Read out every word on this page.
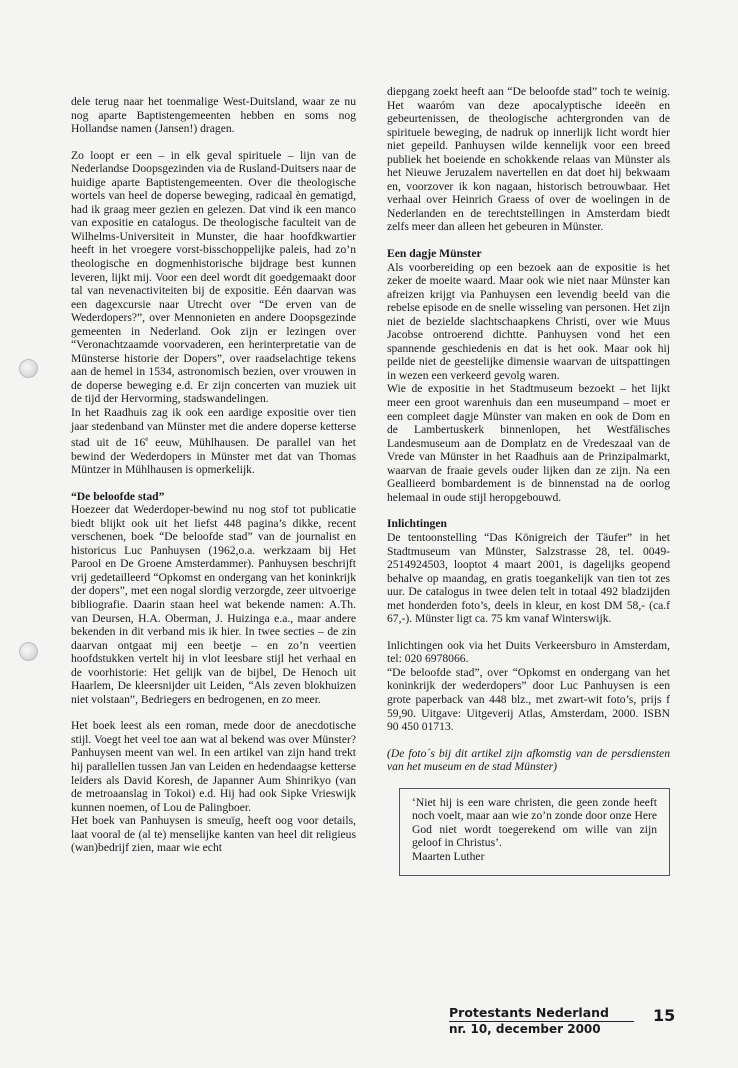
dele terug naar het toenmalige West-Duitsland, waar ze nu nog aparte Baptistengemeenten hebben en soms nog Hollandse namen (Jansen!) dragen.

Zo loopt er een – in elk geval spirituele – lijn van de Nederlandse Doopsgezinden via de Rusland-Duitsers naar de huidige aparte Baptistengemeenten. Over die theologische wortels van heel de doperse beweging, radicaal èn gematigd, had ik graag meer gezien en gelezen. Dat vind ik een manco van expositie en catalogus. De theologische faculteit van de Wilhelms-Universiteit in Munster, die haar hoofdkwartier heeft in het vroegere vorst-bisschoppelijke paleis, had zo’n theologische en dogmenhistorische bijdrage best kunnen leveren, lijkt mij. Voor een deel wordt dit goedgemaakt door tal van nevenactiviteiten bij de expositie. Eén daarvan was een dagexcursie naar Utrecht over “De erven van de Wederdopers?”, over Mennonieten en andere Doopsgezinde gemeenten in Nederland. Ook zijn er lezingen over “Veronachtzaamde voorvaderen, een herinterpretatie van de Münsterse historie der Dopers”, over raadselachtige tekens aan de hemel in 1534, astronomisch bezien, over vrouwen in de doperse beweging e.d. Er zijn concerten van muziek uit de tijd der Hervorming, stadswandelingen.

In het Raadhuis zag ik ook een aardige expositie over tien jaar stedenband van Münster met die andere doperse ketterse stad uit de 16e eeuw, Mühlhausen. De parallel van het bewind der Wederdopers in Münster met dat van Thomas Müntzer in Mühlhausen is opmerkelijk.

“De beloofde stad”

Hoezeer dat Wederdoper-bewind nu nog stof tot publicatie biedt blijkt ook uit het liefst 448 pagina’s dikke, recent verschenen, boek “De beloofde stad” van de journalist en historicus Luc Panhuysen (1962,o.a. werkzaam bij Het Parool en De Groene Amsterdammer). Panhuysen beschrijft vrij gedetailleerd “Opkomst en ondergang van het koninkrijk der dopers”, met een nogal slordig verzorgde, zeer uitvoerige bibliografie. Daarin staan heel wat bekende namen: A.Th. van Deursen, H.A. Oberman, J. Huizinga e.a., maar andere bekenden in dit verband mis ik hier. In twee secties – de zin daarvan ontgaat mij een beetje – en zo’n veertien hoofdstukken vertelt hij in vlot leesbare stijl het verhaal en de voorhistorie: Het gelijk van de bijbel, De Henoch uit Haarlem, De kleersnijder uit Leiden, “Als zeven blokhuizen niet volstaan”, Bedriegers en bedrogenen, en zo meer.

Het boek leest als een roman, mede door de anecdotische stijl. Voegt het veel toe aan wat al bekend was over Münster? Panhuysen meent van wel. In een artikel van zijn hand trekt hij parallellen tussen Jan van Leiden en hedendaagse ketterse leiders als David Koresh, de Japanner Aum Shinrikyo (van de metroaanslag in Tokoi) e.d. Hij had ook Sipke Vrieswijk kunnen noemen, of Lou de Palingboer.

Het boek van Panhuysen is smeuïg, heeft oog voor details, laat vooral de (al te) menselijke kanten van heel dit religieus (wan)bedrijf zien, maar wie echt

diepgang zoekt heeft aan “De beloofde stad” toch te weinig. Het waaróm van deze apocalyptische ideeën en gebeurtenissen, de theologische achtergronden van de spirituele beweging, de nadruk op innerlijk licht wordt hier niet gepeild. Panhuysen wilde kennelijk voor een breed publiek het boeiende en schokkende relaas van Münster als het Nieuwe Jeruzalem navertellen en dat doet hij bekwaam en, voorzover ik kon nagaan, historisch betrouwbaar. Het verhaal over Heinrich Graess of over de woelingen in de Nederlanden en de terechtstellingen in Amsterdam biedt zelfs meer dan alleen het gebeuren in Münster.

Een dagje Münster

Als voorbereiding op een bezoek aan de expositie is het zeker de moeite waard. Maar ook wie niet naar Münster kan afreizen krijgt via Panhuysen een levendig beeld van die rebelse episode en de snelle wisseling van personen. Het zijn niet de bezielde slachtschaapkens Christi, over wie Muus Jacobse ontroerend dichtte. Panhuysen vond het een spannende geschiedenis en dat is het ook. Maar ook hij peilde niet de geestelijke dimensie waarvan de uitspattingen in wezen een verkeerd gevolg waren.

Wie de expositie in het Stadtmuseum bezoekt – het lijkt meer een groot warenhuis dan een museumpand – moet er een compleet dagje Münster van maken en ook de Dom en de Lambertuskerk binnenlopen, het Westfälisches Landesmuseum aan de Domplatz en de Vredeszaal van de Vrede van Münster in het Raadhuis aan de Prinzipalmarkt, waarvan de fraaie gevels ouder lijken dan ze zijn. Na een Geallieerd bombardement is de binnenstad na de oorlog helemaal in oude stijl heropgebouwd.

Inlichtingen

De tentoonstelling “Das Königreich der Täufer” in het Stadtmuseum van Münster, Salzstrasse 28, tel. 0049-2514924503, looptot 4 maart 2001, is dagelijks geopend behalve op maandag, en gratis toegankelijk van tien tot zes uur. De catalogus in twee delen telt in totaal 492 bladzijden met honderden foto’s, deels in kleur, en kost DM 58,- (ca.f 67,-). Münster ligt ca. 75 km vanaf Winterswijk.

Inlichtingen ook via het Duits Verkeersburo in Amsterdam, tel: 020 6978066.

“De beloofde stad”, over “Opkomst en ondergang van het koninkrijk der wederdopers” door Luc Panhuysen is een grote paperback van 448 blz., met zwart-wit foto’s, prijs f 59,90. Uitgave: Uitgeverij Atlas, Amsterdam, 2000. ISBN 90 450 01713.

(De foto´s bij dit artikel zijn afkomstig van de persdiensten van het museum en de stad Münster)

‘Niet hij is een ware christen, die geen zonde heeft noch voelt, maar aan wie zo’n zonde door onze Here God niet wordt toegerekend om wille van zijn geloof in Christus’.
Maarten Luther
Protestants Nederland
nr. 10, december 2000
15
